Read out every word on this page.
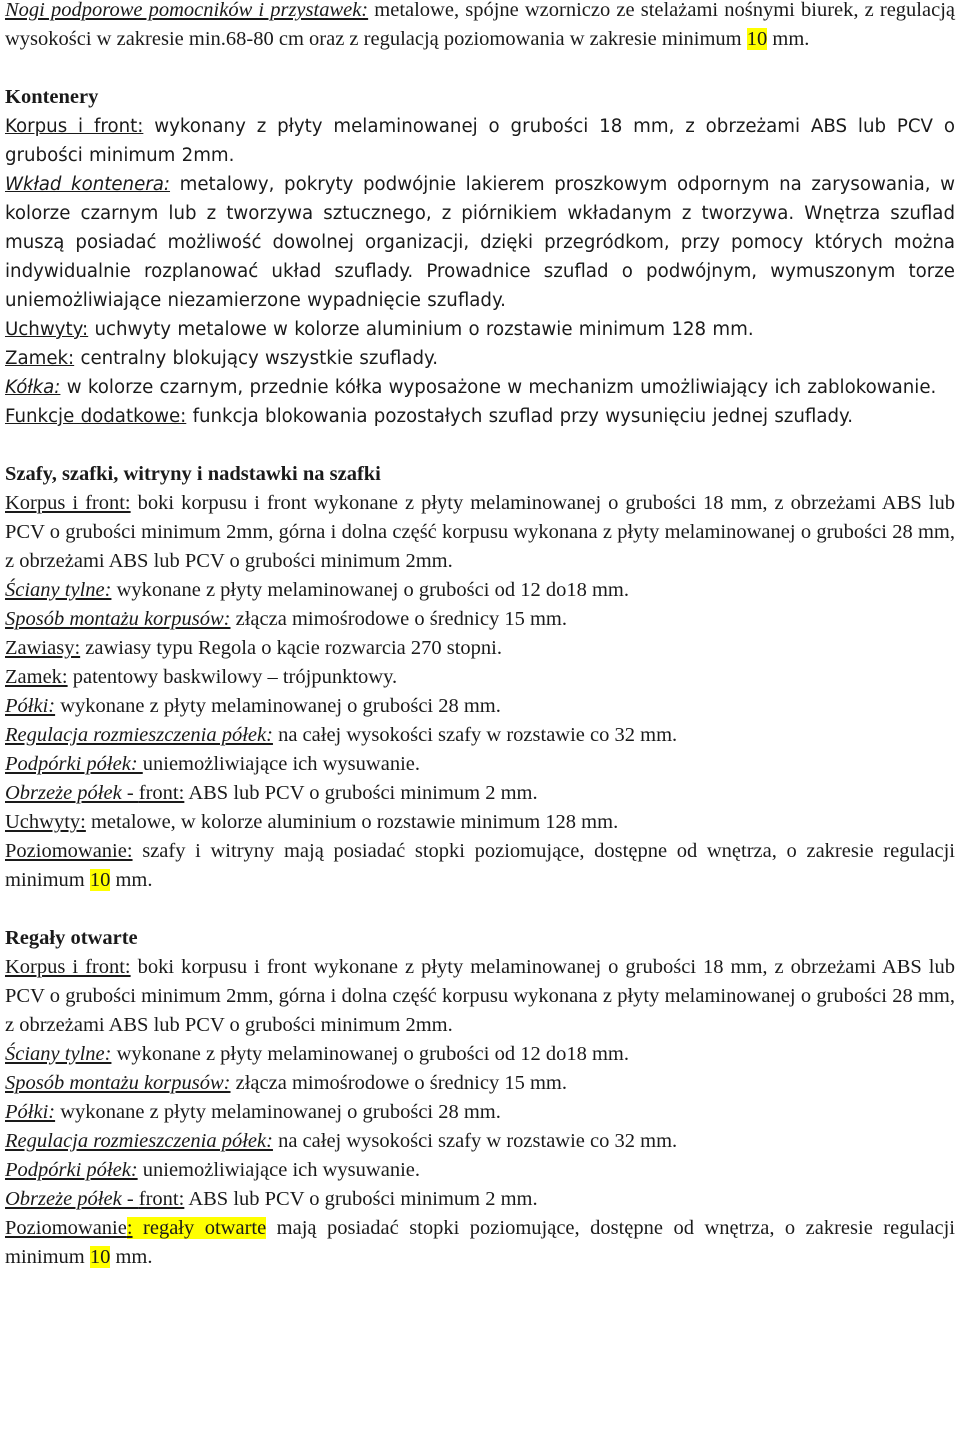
Nogi podporowe pomocników i przystawek: metalowe, spójne wzorniczo ze stelażami nośnymi biurek, z regulacją wysokości w zakresie min.68-80 cm oraz z regulacją poziomowania w zakresie minimum 10 mm.

Kontenery

Korpus i front: wykonany z płyty melaminowanej o grubości 18 mm, z obrzeżami ABS lub PCV o grubości minimum 2mm.

Wkład kontenera: metalowy, pokryty podwójnie lakierem proszkowym odpornym na zarysowania, w kolorze czarnym lub z tworzywa sztucznego, z piórnikiem wkładanym z tworzywa. Wnętrza szuflad muszą posiadać możliwość dowolnej organizacji, dzięki przegródkom, przy pomocy których można indywidualnie rozplanować układ szuflady. Prowadnice szuflad o podwójnym, wymuszonym torze uniemożliwiające niezamierzone wypadnięcie szuflady.

Uchwyty: uchwyty metalowe w kolorze aluminium o rozstawie minimum 128 mm.

Zamek: centralny blokujący wszystkie szuflady.

Kółka: w kolorze czarnym, przednie kółka wyposażone w mechanizm umożliwiający ich zablokowanie.

Funkcje dodatkowe: funkcja blokowania pozostałych szuflad przy wysunięciu jednej szuflady.

Szafy, szafki, witryny i nadstawki na szafki

Korpus i front: boki korpusu i front wykonane z płyty melaminowanej o grubości 18 mm, z obrzeżami ABS lub PCV o grubości minimum 2mm, górna i dolna część korpusu wykonana z płyty melaminowanej o grubości 28 mm, z obrzeżami ABS lub PCV o grubości minimum 2mm.

Ściany tylne: wykonane z płyty melaminowanej o grubości od 12 do18 mm.

Sposób montażu korpusów: złącza mimośrodowe o średnicy 15 mm.

Zawiasy: zawiasy typu Regola o kącie rozwarcia 270 stopni.

Zamek: patentowy baskwilowy – trójpunktowy.

Półki: wykonane z płyty melaminowanej o grubości 28 mm.

Regulacja rozmieszczenia półek: na całej wysokości szafy w rozstawie co 32 mm.

Podpórki półek: uniemożliwiające ich wysuwanie.

Obrzeże półek - front: ABS lub PCV o grubości minimum 2 mm.

Uchwyty: metalowe, w kolorze aluminium o rozstawie minimum 128 mm.

Poziomowanie: szafy i witryny mają posiadać stopki poziomujące, dostępne od wnętrza, o zakresie regulacji minimum 10 mm.

Regały otwarte

Korpus i front: boki korpusu i front wykonane z płyty melaminowanej o grubości 18 mm, z obrzeżami ABS lub PCV o grubości minimum 2mm, górna i dolna część korpusu wykonana z płyty melaminowanej o grubości 28 mm, z obrzeżami ABS lub PCV o grubości minimum 2mm.

Ściany tylne: wykonane z płyty melaminowanej o grubości od 12 do18 mm.

Sposób montażu korpusów: złącza mimośrodowe o średnicy 15 mm.

Półki: wykonane z płyty melaminowanej o grubości 28 mm.

Regulacja rozmieszczenia półek: na całej wysokości szafy w rozstawie co 32 mm.

Podpórki półek: uniemożliwiające ich wysuwanie.

Obrzeże półek - front: ABS lub PCV o grubości minimum 2 mm.

Poziomowanie: regały otwarte mają posiadać stopki poziomujące, dostępne od wnętrza, o zakresie regulacji minimum 10 mm.
